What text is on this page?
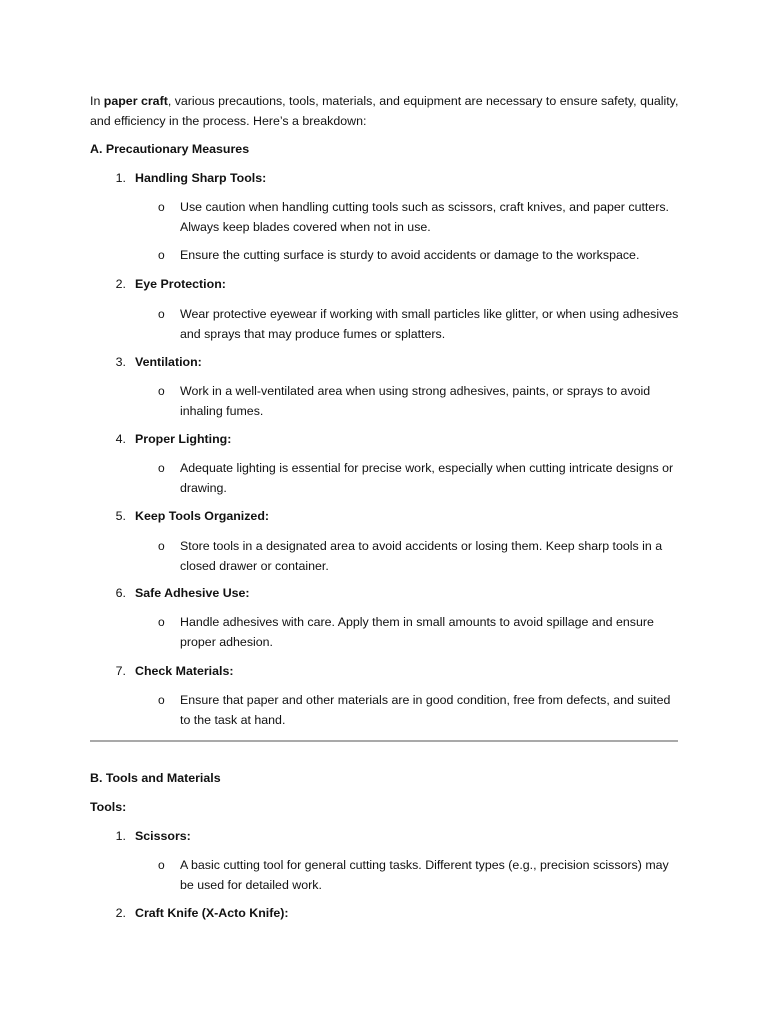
In paper craft, various precautions, tools, materials, and equipment are necessary to ensure safety, quality, and efficiency in the process. Here’s a breakdown:

A. Precautionary Measures

1. Handling Sharp Tools:
o Use caution when handling cutting tools such as scissors, craft knives, and paper cutters. Always keep blades covered when not in use.

o Ensure the cutting surface is sturdy to avoid accidents or damage to the workspace.

2. Eye Protection:
o Wear protective eyewear if working with small particles like glitter, or when using adhesives and sprays that may produce fumes or splatters.

3. Ventilation:
o Work in a well-ventilated area when using strong adhesives, paints, or sprays to avoid inhaling fumes.

4. Proper Lighting:
o Adequate lighting is essential for precise work, especially when cutting intricate designs or drawing.

5. Keep Tools Organized:
o Store tools in a designated area to avoid accidents or losing them. Keep sharp tools in a closed drawer or container.

6. Safe Adhesive Use:
o Handle adhesives with care. Apply them in small amounts to avoid spillage and ensure proper adhesion.

7. Check Materials:
o Ensure that paper and other materials are in good condition, free from defects, and suited to the task at hand.

B. Tools and Materials

Tools:

1. Scissors:
o A basic cutting tool for general cutting tasks. Different types (e.g., precision scissors) may be used for detailed work.

2. Craft Knife (X-Acto Knife):
